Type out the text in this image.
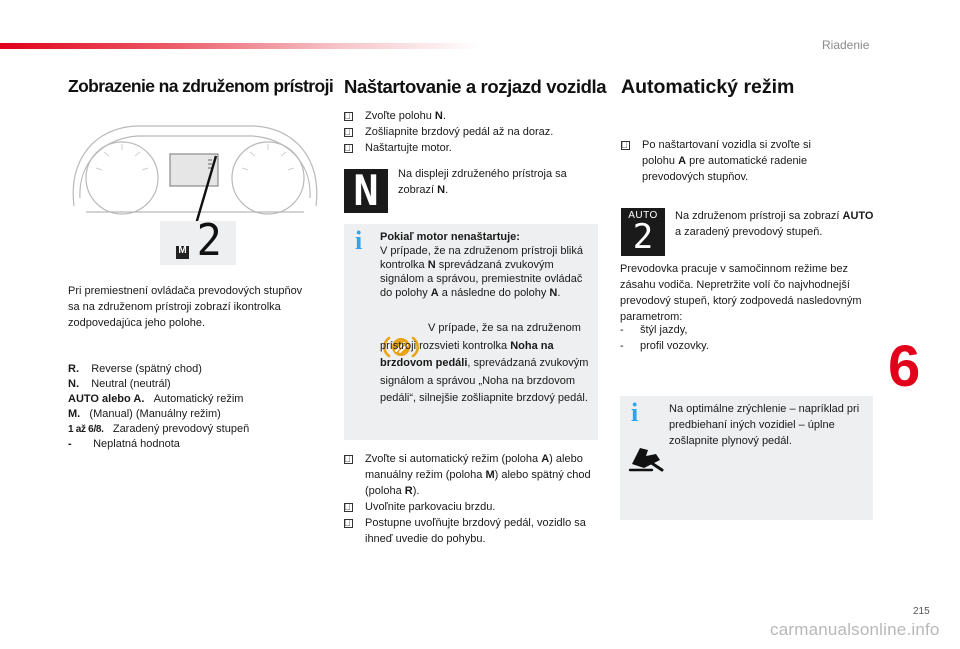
Riadenie
Zobrazenie na združenom prístroji
M 2

Pri premiestnení ovládača prevodových stupňov sa na združenom prístroji zobrazí ikontrolka zodpovedajúca jeho polohe.

R. Reverse (spätný chod)
N. Neutral (neutrál)
AUTO alebo A. Automatický režim
M. (Manual) (Manuálny režim)
1 až 6/8. Zaradený prevodový stupeň
- Neplatná hodnota
Naštartovanie a rozjazd vozidla
Zvoľte polohu N.
Zošliapnite brzdový pedál až na doraz.
Naštartujte motor.
N	Na displeji združeného prístroja sa zobrazí N.

i Pokiaľ motor nenaštartuje:
V prípade, že na združenom prístroji bliká kontrolka N sprevádzaná zvukovým signálom a správou, premiestnite ovládač do polohy A a následne do polohy N.
V prípade, že sa na združenom prístroji rozsvieti kontrolka Noha na brzdovom pedáli, sprevádzaná zvukovým signálom a správou „Noha na brzdovom pedáli“, silnejšie zošliapnite brzdový pedál.
Zvoľte si automatický režim (poloha A) alebo manuálny režim (poloha M) alebo spätný chod (poloha R).
Uvoľnite parkovaciu brzdu.
Postupne uvoľňujte brzdový pedál, vozidlo sa ihneď uvedie do pohybu.
Automatický režim
Po naštartovaní vozidla si zvoľte si polohu A pre automatické radenie prevodových stupňov.
AUTO
2

Na združenom prístroji sa zobrazí AUTO a zaradený prevodový stupeň.

Prevodovka pracuje v samočinnom režime bez zásahu vodiča. Nepretržite volí čo najvhodnejší prevodový stupeň, ktorý zodpovedá nasledovným parametrom:

- štýl jazdy,
- profil vozovky.
i	Na optimálne zrýchlenie – napríklad pri predbiehaní iných vozidiel – úplne zošlapnite plynový pedál.

6
215
carmanualsonline.info
